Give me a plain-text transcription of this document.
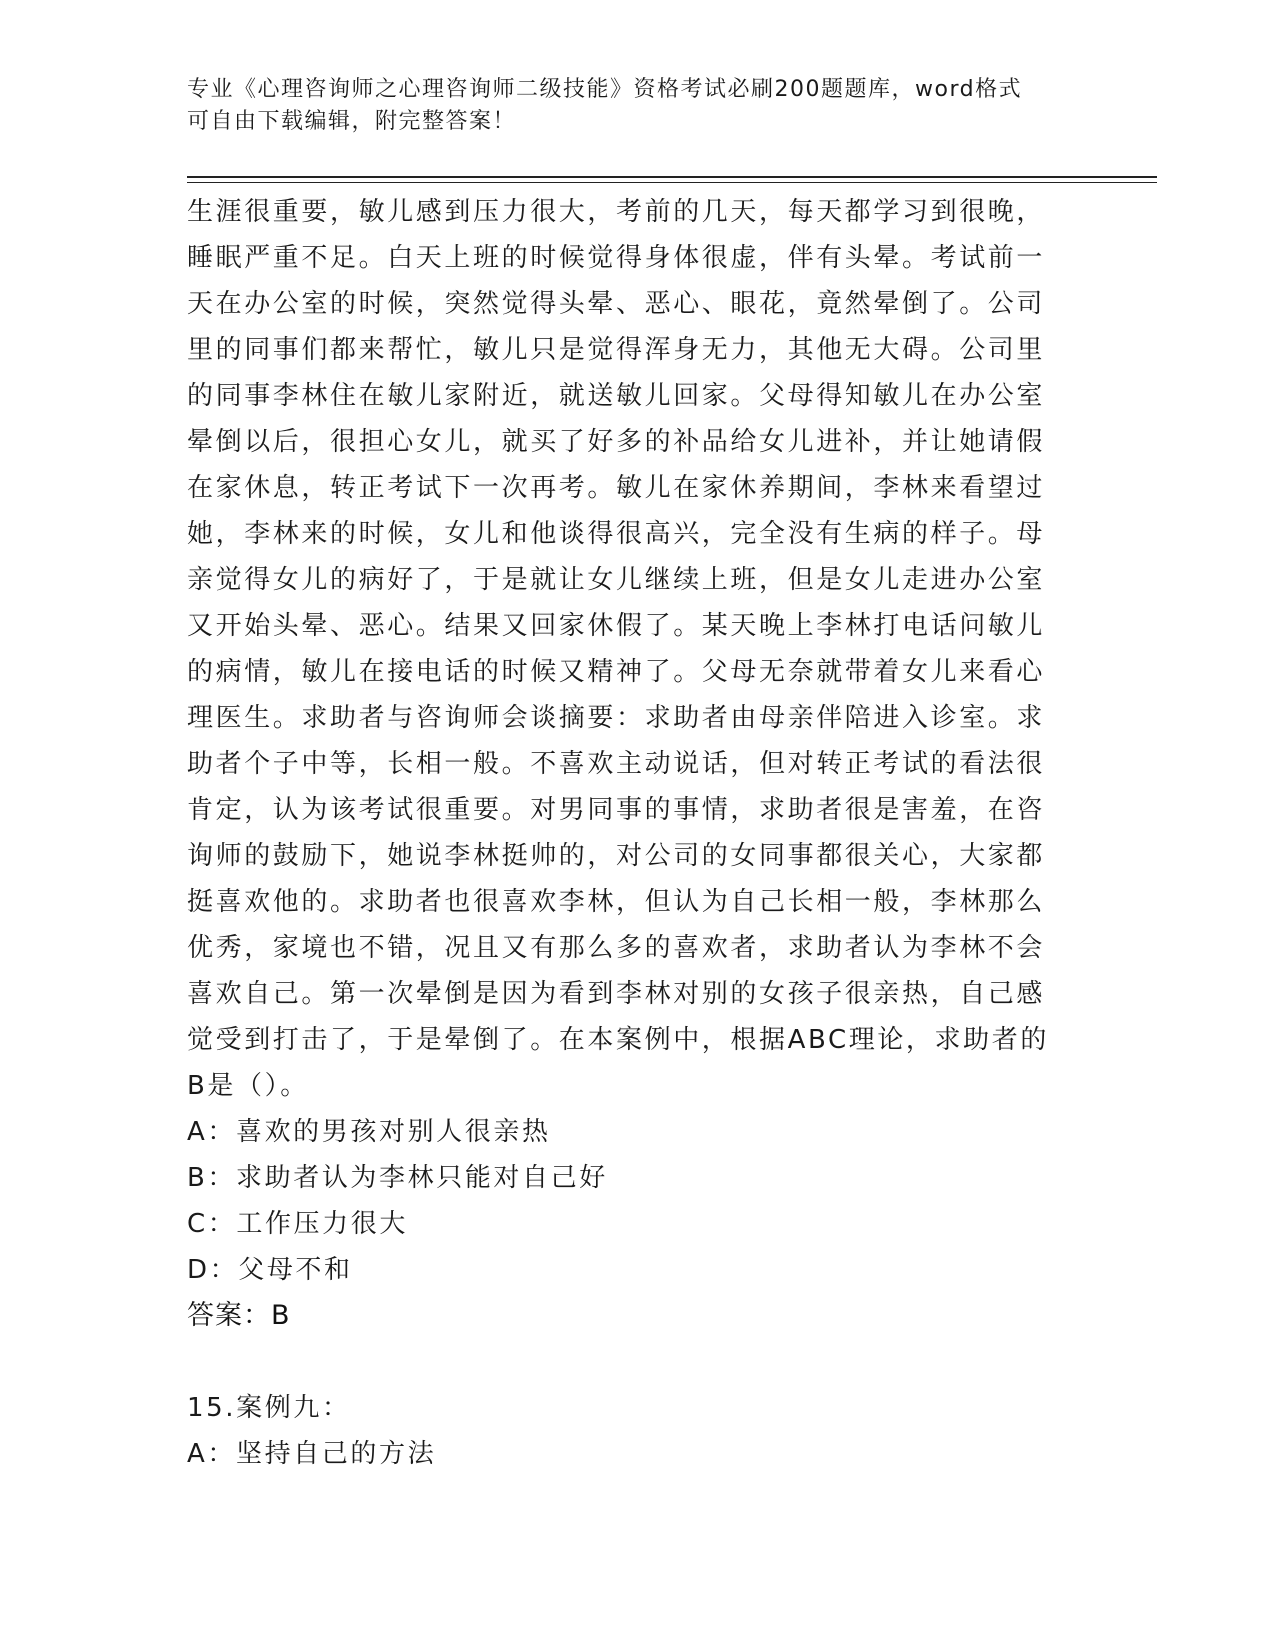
专业《心理咨询师之心理咨询师二级技能》资格考试必刷200题题库，word格式
可自由下载编辑，附完整答案！
生涯很重要，敏儿感到压力很大，考前的几天，每天都学习到很晚，
睡眠严重不足。白天上班的时候觉得身体很虚，伴有头晕。考试前一
天在办公室的时候，突然觉得头晕、恶心、眼花，竟然晕倒了。公司
里的同事们都来帮忙，敏儿只是觉得浑身无力，其他无大碍。公司里
的同事李林住在敏儿家附近，就送敏儿回家。父母得知敏儿在办公室
晕倒以后，很担心女儿，就买了好多的补品给女儿进补，并让她请假
在家休息，转正考试下一次再考。敏儿在家休养期间，李林来看望过
她，李林来的时候，女儿和他谈得很高兴，完全没有生病的样子。母
亲觉得女儿的病好了，于是就让女儿继续上班，但是女儿走进办公室
又开始头晕、恶心。结果又回家休假了。某天晚上李林打电话问敏儿
的病情，敏儿在接电话的时候又精神了。父母无奈就带着女儿来看心
理医生。求助者与咨询师会谈摘要：求助者由母亲伴陪进入诊室。求
助者个子中等，长相一般。不喜欢主动说话，但对转正考试的看法很
肯定，认为该考试很重要。对男同事的事情，求助者很是害羞，在咨
询师的鼓励下，她说李林挺帅的，对公司的女同事都很关心，大家都
挺喜欢他的。求助者也很喜欢李林，但认为自己长相一般，李林那么
优秀，家境也不错，况且又有那么多的喜欢者，求助者认为李林不会
喜欢自己。第一次晕倒是因为看到李林对别的女孩子很亲热，自己感
觉受到打击了，于是晕倒了。在本案例中，根据ABC理论，求助者的
B是（）。
A：喜欢的男孩对别人很亲热
B：求助者认为李林只能对自己好
C：工作压力很大
D：父母不和
答案：B
15.案例九：
A：坚持自己的方法
